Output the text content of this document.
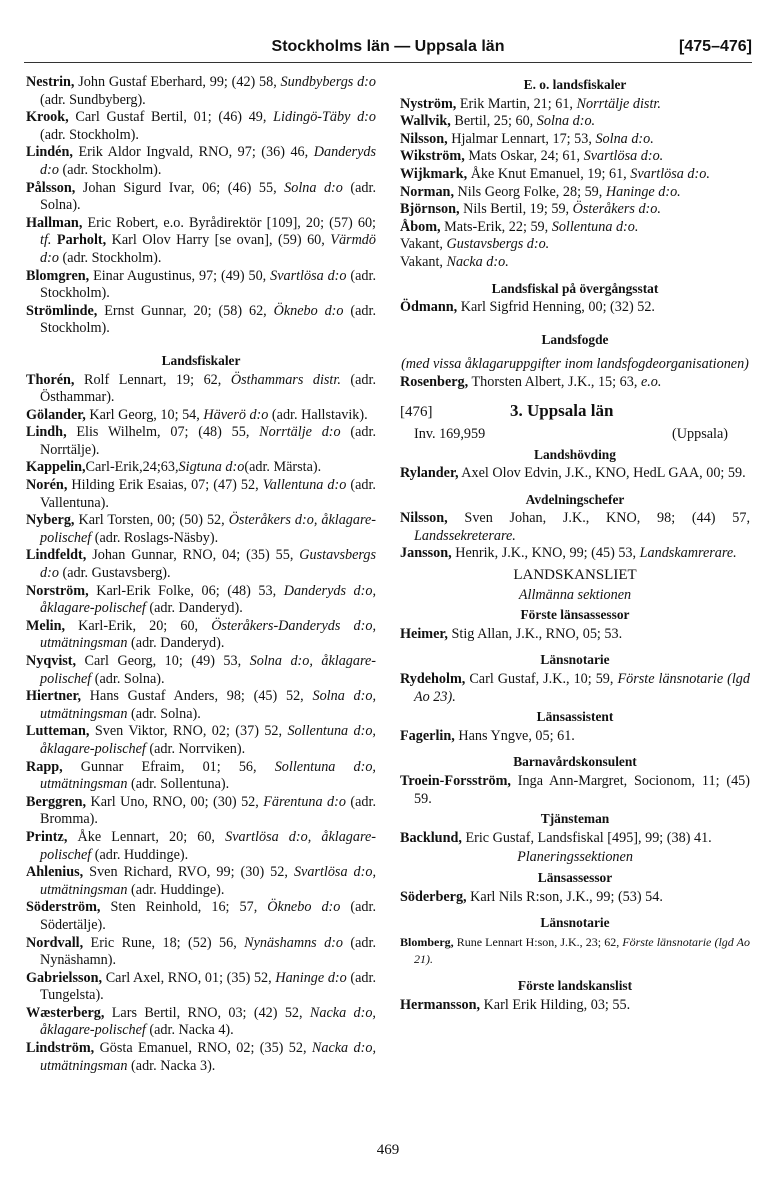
Stockholms län — Uppsala län	[475–476]
Nestrin, John Gustaf Eberhard, 99; (42) 58, Sundbybergs d:o (adr. Sundbyberg).
Krook, Carl Gustaf Bertil, 01; (46) 49, Lidingö-Täby d:o (adr. Stockholm).
Lindén, Erik Aldor Ingvald, RNO, 97; (36) 46, Danderyds d:o (adr. Stockholm).
Pålsson, Johan Sigurd Ivar, 06; (46) 55, Solna d:o (adr. Solna).
Hallman, Eric Robert, e.o. Byrådirektör [109], 20; (57) 60; tf. Parholt, Karl Olov Harry [se ovan], (59) 60, Värmdö d:o (adr. Stockholm).
Blomgren, Einar Augustinus, 97; (49) 50, Svartlösa d:o (adr. Stockholm).
Strömlinde, Ernst Gunnar, 20; (58) 62, Öknebo d:o (adr. Stockholm).
Landsfiskaler
Thorén, Rolf Lennart, 19; 62, Östhammars distr. (adr. Östhammar).
Gölander, Karl Georg, 10; 54, Häverö d:o (adr. Hallstavik).
Lindh, Elis Wilhelm, 07; (48) 55, Norrtälje d:o (adr. Norrtälje).
Kappelin,Carl-Erik,24;63,Sigtuna d:o(adr. Märsta).
Norén, Hilding Erik Esaias, 07; (47) 52, Vallentuna d:o (adr. Vallentuna).
Nyberg, Karl Torsten, 00; (50) 52, Österåkers d:o, åklagare-polischef (adr. Roslags-Näsby).
Lindfeldt, Johan Gunnar, RNO, 04; (35) 55, Gustavsbergs d:o (adr. Gustavsberg).
Norström, Karl-Erik Folke, 06; (48) 53, Danderyds d:o, åklagare-polischef (adr. Danderyd).
Melin, Karl-Erik, 20; 60, Österåkers-Danderyds d:o, utmätningsman (adr. Danderyd).
Nyqvist, Carl Georg, 10; (49) 53, Solna d:o, åklagare-polischef (adr. Solna).
Hiertner, Hans Gustaf Anders, 98; (45) 52, Solna d:o, utmätningsman (adr. Solna).
Lutteman, Sven Viktor, RNO, 02; (37) 52, Sollentuna d:o, åklagare-polischef (adr. Norrviken).
Rapp, Gunnar Efraim, 01; 56, Sollentuna d:o, utmätningsman (adr. Sollentuna).
Berggren, Karl Uno, RNO, 00; (30) 52, Färentuna d:o (adr. Bromma).
Printz, Åke Lennart, 20; 60, Svartlösa d:o, åklagare-polischef (adr. Huddinge).
Ahlenius, Sven Richard, RVO, 99; (30) 52, Svartlösa d:o, utmätningsman (adr. Huddinge).
Söderström, Sten Reinhold, 16; 57, Öknebo d:o (adr. Södertälje).
Nordvall, Eric Rune, 18; (52) 56, Nynäshamns d:o (adr. Nynäshamn).
Gabrielsson, Carl Axel, RNO, 01; (35) 52, Haninge d:o (adr. Tungelsta).
Wæsterberg, Lars Bertil, RNO, 03; (42) 52, Nacka d:o, åklagare-polischef (adr. Nacka 4).
Lindström, Gösta Emanuel, RNO, 02; (35) 52, Nacka d:o, utmätningsman (adr. Nacka 3).
E. o. landsfiskaler
Nyström, Erik Martin, 21; 61, Norrtälje distr.
Wallvik, Bertil, 25; 60, Solna d:o.
Nilsson, Hjalmar Lennart, 17; 53, Solna d:o.
Wikström, Mats Oskar, 24; 61, Svartlösa d:o.
Wijkmark, Åke Knut Emanuel, 19; 61, Svartlösa d:o.
Norman, Nils Georg Folke, 28; 59, Haninge d:o.
Björnson, Nils Bertil, 19; 59, Österåkers d:o.
Åbom, Mats-Erik, 22; 59, Sollentuna d:o.
Vakant, Gustavsbergs d:o.
Vakant, Nacka d:o.
Landsfiskal på övergångsstat
Ödmann, Karl Sigfrid Henning, 00; (32) 52.
Landsfogde
(med vissa åklagaruppgifter inom landsfogdeorganisationen)
Rosenberg, Thorsten Albert, J.K., 15; 63, e.o.
[476]	3. Uppsala län
Inv. 169,959	(Uppsala)
Landshövding
Rylander, Axel Olov Edvin, J.K., KNO, HedL GAA, 00; 59.
Avdelningschefer
Nilsson, Sven Johan, J.K., KNO, 98; (44) 57, Landssekreterare.
Jansson, Henrik, J.K., KNO, 99; (45) 53, Landskamrerare.
LANDSKANSLIET
Allmänna sektionen
Förste länsassessor
Heimer, Stig Allan, J.K., RNO, 05; 53.
Länsnotarie
Rydeholm, Carl Gustaf, J.K., 10; 59, Förste länsnotarie (lgd Ao 23).
Länsassistent
Fagerlin, Hans Yngve, 05; 61.
Barnavårdskonsulent
Troein-Forsström, Inga Ann-Margret, Socionom, 11; (45) 59.
Tjänsteman
Backlund, Eric Gustaf, Landsfiskal [495], 99; (38) 41.
Planeringssektionen
Länsassessor
Söderberg, Karl Nils R:son, J.K., 99; (53) 54.
Länsnotarie
Blomberg, Rune Lennart H:son, J.K., 23; 62, Förste länsnotarie (lgd Ao 21).
Förste landskanslist
Hermansson, Karl Erik Hilding, 03; 55.
469
